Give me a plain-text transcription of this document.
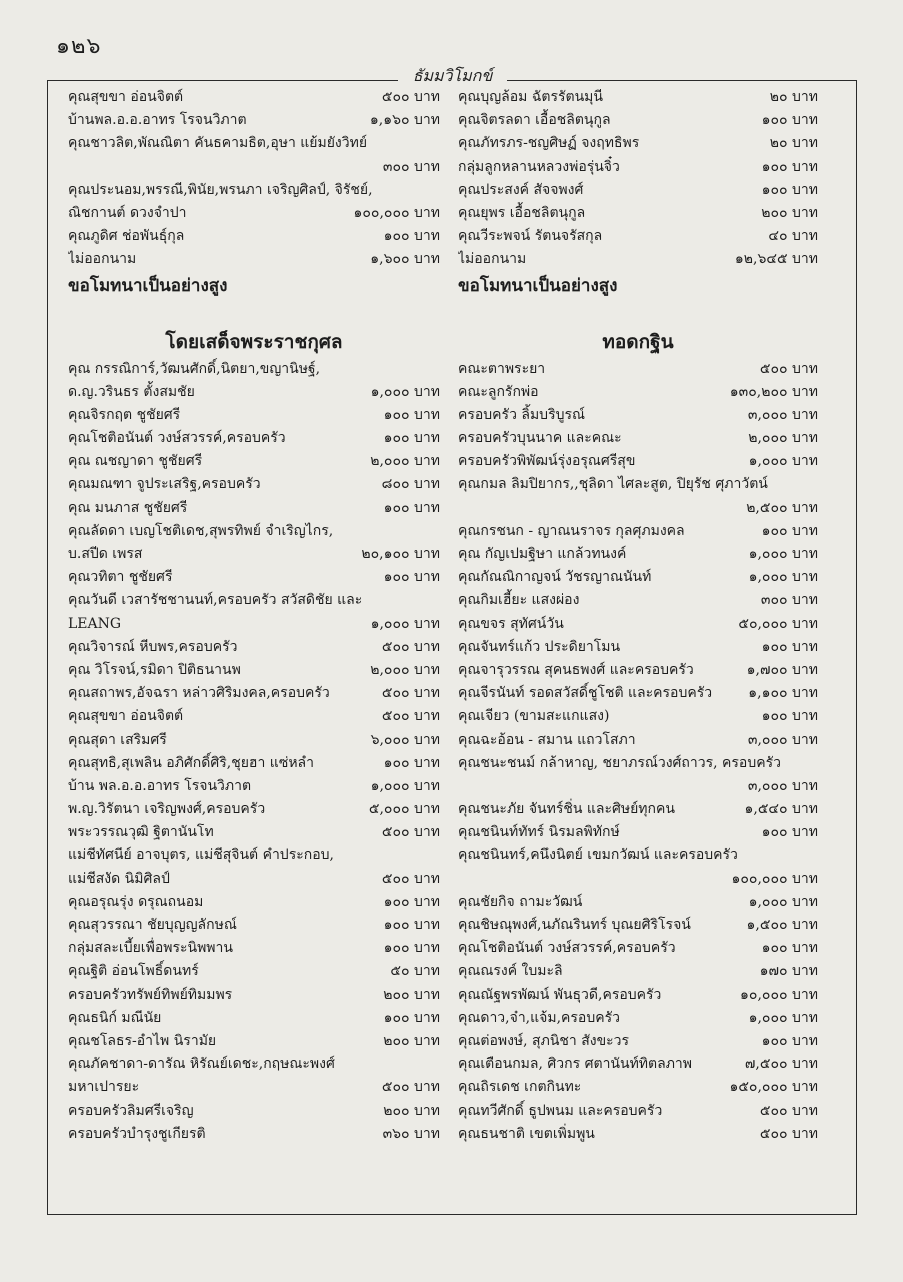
๑๒๖
ธัมมวิโมกข์
คุณสุขขา อ่อนจิตต์	๕๐๐ บาท
บ้านพล.อ.อ.อาทร โรจนวิภาต	๑,๑๖๐ บาท
คุณชาวลิต,พัณณิตา คันธคามธิต,อุษา แย้มยังวิทย์
๓๐๐ บาท
คุณประนอม,พรรณี,พินัย,พรนภา เจริญศิลป์, จิรัชย์,
ณิชกานต์ ดวงจำปา	๑๐๐,๐๐๐ บาท
คุณภูดิศ ช่อพันธุ์กุล	๑๐๐ บาท
ไม่ออกนาม	๑,๖๐๐ บาท
ขอโมทนาเป็นอย่างสูง
โดยเสด็จพระราชกุศล
คุณ กรรณิการ์,วัฒนศักดิ์,นิตยา,ขญานิษฐ์,
ด.ญ.วรินธร ตั้งสมชัย	๑,๐๐๐ บาท
คุณจิรกฤต ชูชัยศรี	๑๐๐ บาท
คุณโชติอนันต์ วงษ์สวรรค์,ครอบครัว	๑๐๐ บาท
คุณ ณชญาดา ชูชัยศรี	๒,๐๐๐ บาท
คุณมณฑา จูประเสริฐ,ครอบครัว	๘๐๐ บาท
คุณ มนภาส ชูชัยศรี	๑๐๐ บาท
คุณลัดดา เบญโชติเดช,สุพรทิพย์ จำเริญไกร,
บ.สปีด เพรส	๒๐,๑๐๐ บาท
คุณวทิตา ชูชัยศรี	๑๐๐ บาท
คุณวันดี เวสารัชชานนท์,ครอบครัว สวัสดิชัย และ
LEANG	๑,๐๐๐ บาท
คุณวิจารณ์ หีบพร,ครอบครัว	๕๐๐ บาท
คุณ วิโรจน์,รมิดา ปิติธนานพ	๒,๐๐๐ บาท
คุณสถาพร,อัจฉรา หล่าวศิริมงคล,ครอบครัว	๕๐๐ บาท
คุณสุขขา อ่อนจิตต์	๕๐๐ บาท
คุณสุดา เสริมศรี	๖,๐๐๐ บาท
คุณสุทธิ,สุเพลิน อภิศักดิ์ศิริ,ชุยฮา แซ่หลำ	๑๐๐ บาท
บ้าน พล.อ.อ.อาทร โรจนวิภาต	๑,๐๐๐ บาท
พ.ญ.วิรัตนา เจริญพงศ์,ครอบครัว	๕,๐๐๐ บาท
พระวรรณวุฒิ ฐิตานันโท	๕๐๐ บาท
แม่ชีทัศนีย์ อาจบุตร, แม่ชีสุจินต์ คำประกอบ,
แม่ชีสงัด นิมิศิลป์	๕๐๐ บาท
คุณอรุณรุ่ง ดรุณถนอม	๑๐๐ บาท
คุณสุวรรณา ชัยบุญญลักษณ์	๑๐๐ บาท
กลุ่มสละเบี้ยเพื่อพระนิพพาน	๑๐๐ บาท
คุณฐิติ อ่อนโพธิ์ดนทร์	๕๐ บาท
ครอบครัวทรัพย์ทิพย์ทิมมพร	๒๐๐ บาท
คุณธนิก์ มณีนัย	๑๐๐ บาท
คุณชโลธร-อำไพ นิรามัย	๒๐๐ บาท
คุณภัคชาดา-ดารัณ หิรัณย์เดชะ,กฤษณะพงศ์
มหาเปารยะ	๕๐๐ บาท
ครอบครัวลิมศรีเจริญ	๒๐๐ บาท
ครอบครัวบำรุงชูเกียรติ	๓๖๐ บาท
คุณบุญล้อม ฉัตรรัตนมุนี	๒๐ บาท
คุณจิตรลดา เอื้อชลิตนุกูล	๑๐๐ บาท
คุณภัทรภร-ชญศิษฏ์ จงฤทธิพร	๒๐ บาท
กลุ่มลูกหลานหลวงพ่อรุ่นจิ๋ว	๑๐๐ บาท
คุณประสงค์ สัจจพงศ์	๑๐๐ บาท
คุณยุพร เอื้อชลิตนุกูล	๒๐๐ บาท
คุณวีระพจน์ รัตนจรัสกุล	๔๐ บาท
ไม่ออกนาม	๑๒,๖๔๕ บาท
ขอโมทนาเป็นอย่างสูง
ทอดกฐิน
คณะตาพระยา	๕๐๐ บาท
คณะลูกรักพ่อ	๑๓๐,๒๐๐ บาท
ครอบครัว ลิ้มบริบูรณ์	๓,๐๐๐ บาท
ครอบครัวบุนนาค และคณะ	๒,๐๐๐ บาท
ครอบครัวพิพัฒน์รุ่งอรุณศรีสุข	๑,๐๐๐ บาท
คุณกมล ลิมปิยากร,,ชุลิดา ไศละสูต, ปิยุรัช ศุภาวัตน์
๒,๕๐๐ บาท
คุณกรชนก - ญาณนราจร กุลศุภมงคล	๑๐๐ บาท
คุณ กัญเปมฐิษา แกล้วทนงค์	๑,๐๐๐ บาท
คุณกัณณิกาญจน์ วัชรญาณนันท์	๑,๐๐๐ บาท
คุณกิมเฮี้ยะ แสงผ่อง	๓๐๐ บาท
คุณขจร สุทัศน์วัน	๕๐,๐๐๐ บาท
คุณจันทร์แก้ว ประดิยาโมน	๑๐๐ บาท
คุณจารุวรรณ สุคนธพงศ์ และครอบครัว	๑,๗๐๐ บาท
คุณจีรนันท์ รอดสวัสดิ์ชูโชติ และครอบครัว	๑,๑๐๐ บาท
คุณเจียว (ขามสะแกแสง)	๑๐๐ บาท
คุณฉะอ้อน - สมาน แถวโสภา	๓,๐๐๐ บาท
คุณชนะชนม์ กล้าหาญ, ชยาภรณ์วงศ์ถาวร, ครอบครัว
๓,๐๐๐ บาท
คุณชนะภัย จันทร์ชิ่น และศิษย์ทุกคน	๑,๕๔๐ บาท
คุณชนินท์ทัทร์ นิรมลพิทักษ์	๑๐๐ บาท
คุณชนินทร์,คนึงนิตย์ เขมกวัฒน์ และครอบครัว
๑๐๐,๐๐๐ บาท
คุณชัยกิจ ถามะวัฒน์	๑,๐๐๐ บาท
คุณชิษณุพงศ์,นภัณรินทร์ บุณยศิริโรจน์	๑,๕๐๐ บาท
คุณโชติอนันต์ วงษ์สวรรค์,ครอบครัว	๑๐๐ บาท
คุณณรงค์ ใบมะลิ	๑๗๐ บาท
คุณณัฐพรพัฒน์ พันธุวดี,ครอบครัว	๑๐,๐๐๐ บาท
คุณดาว,จ๋า,แจ้ม,ครอบครัว	๑,๐๐๐ บาท
คุณต่อพงษ์, สุภนิชา สังขะวร	๑๐๐ บาท
คุณเตือนกมล, ศิวกร ศตานันท์ทิตลภาพ	๗,๕๐๐ บาท
คุณถิรเดช เกตกินทะ	๑๕๐,๐๐๐ บาท
คุณทวีศักดิ์ ธูปพนม และครอบครัว	๕๐๐ บาท
คุณธนชาติ เขตเพิ่มพูน	๕๐๐ บาท
